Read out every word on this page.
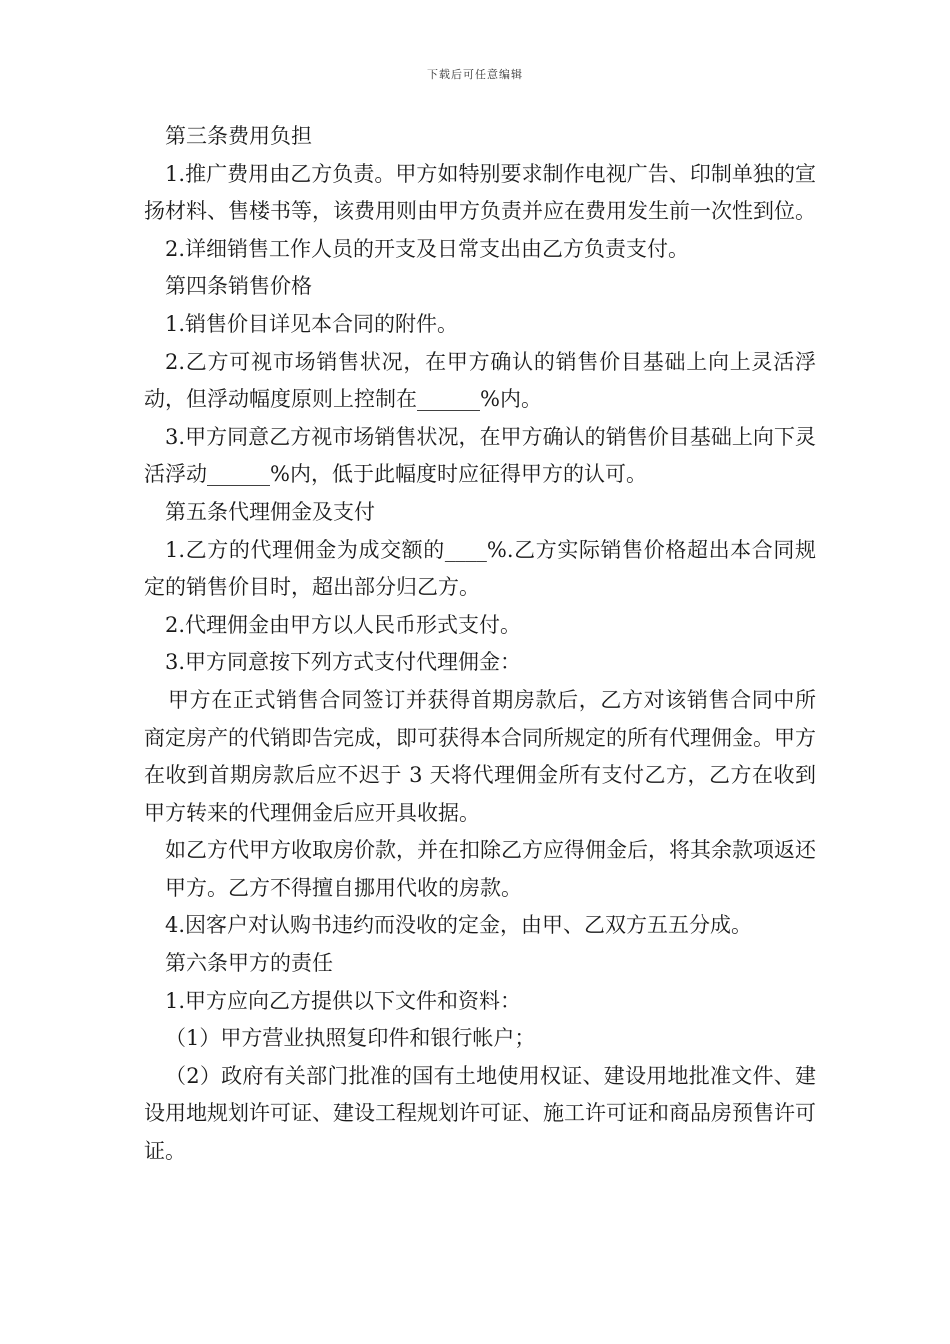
下载后可任意编辑

第三条费用负担

1.推广费用由乙方负责。甲方如特别要求制作电视广告、印制单独的宣扬材料、售楼书等，该费用则由甲方负责并应在费用发生前一次性到位。

2.详细销售工作人员的开支及日常支出由乙方负责支付。

第四条销售价格

1.销售价目详见本合同的附件。

2.乙方可视市场销售状况，在甲方确认的销售价目基础上向上灵活浮动，但浮动幅度原则上控制在______%内。

3.甲方同意乙方视市场销售状况，在甲方确认的销售价目基础上向下灵活浮动______%内，低于此幅度时应征得甲方的认可。

第五条代理佣金及支付

1.乙方的代理佣金为成交额的____%.乙方实际销售价格超出本合同规定的销售价目时，超出部分归乙方。

2.代理佣金由甲方以人民币形式支付。

3.甲方同意按下列方式支付代理佣金：

甲方在正式销售合同签订并获得首期房款后，乙方对该销售合同中所商定房产的代销即告完成，即可获得本合同所规定的所有代理佣金。甲方在收到首期房款后应不迟于 3 天将代理佣金所有支付乙方，乙方在收到甲方转来的代理佣金后应开具收据。

如乙方代甲方收取房价款，并在扣除乙方应得佣金后，将其余款项返还甲方。乙方不得擅自挪用代收的房款。

4.因客户对认购书违约而没收的定金，由甲、乙双方五五分成。

第六条甲方的责任

1.甲方应向乙方提供以下文件和资料：

（1）甲方营业执照复印件和银行帐户；

（2）政府有关部门批准的国有土地使用权证、建设用地批准文件、建设用地规划许可证、建设工程规划许可证、施工许可证和商品房预售许可证。
